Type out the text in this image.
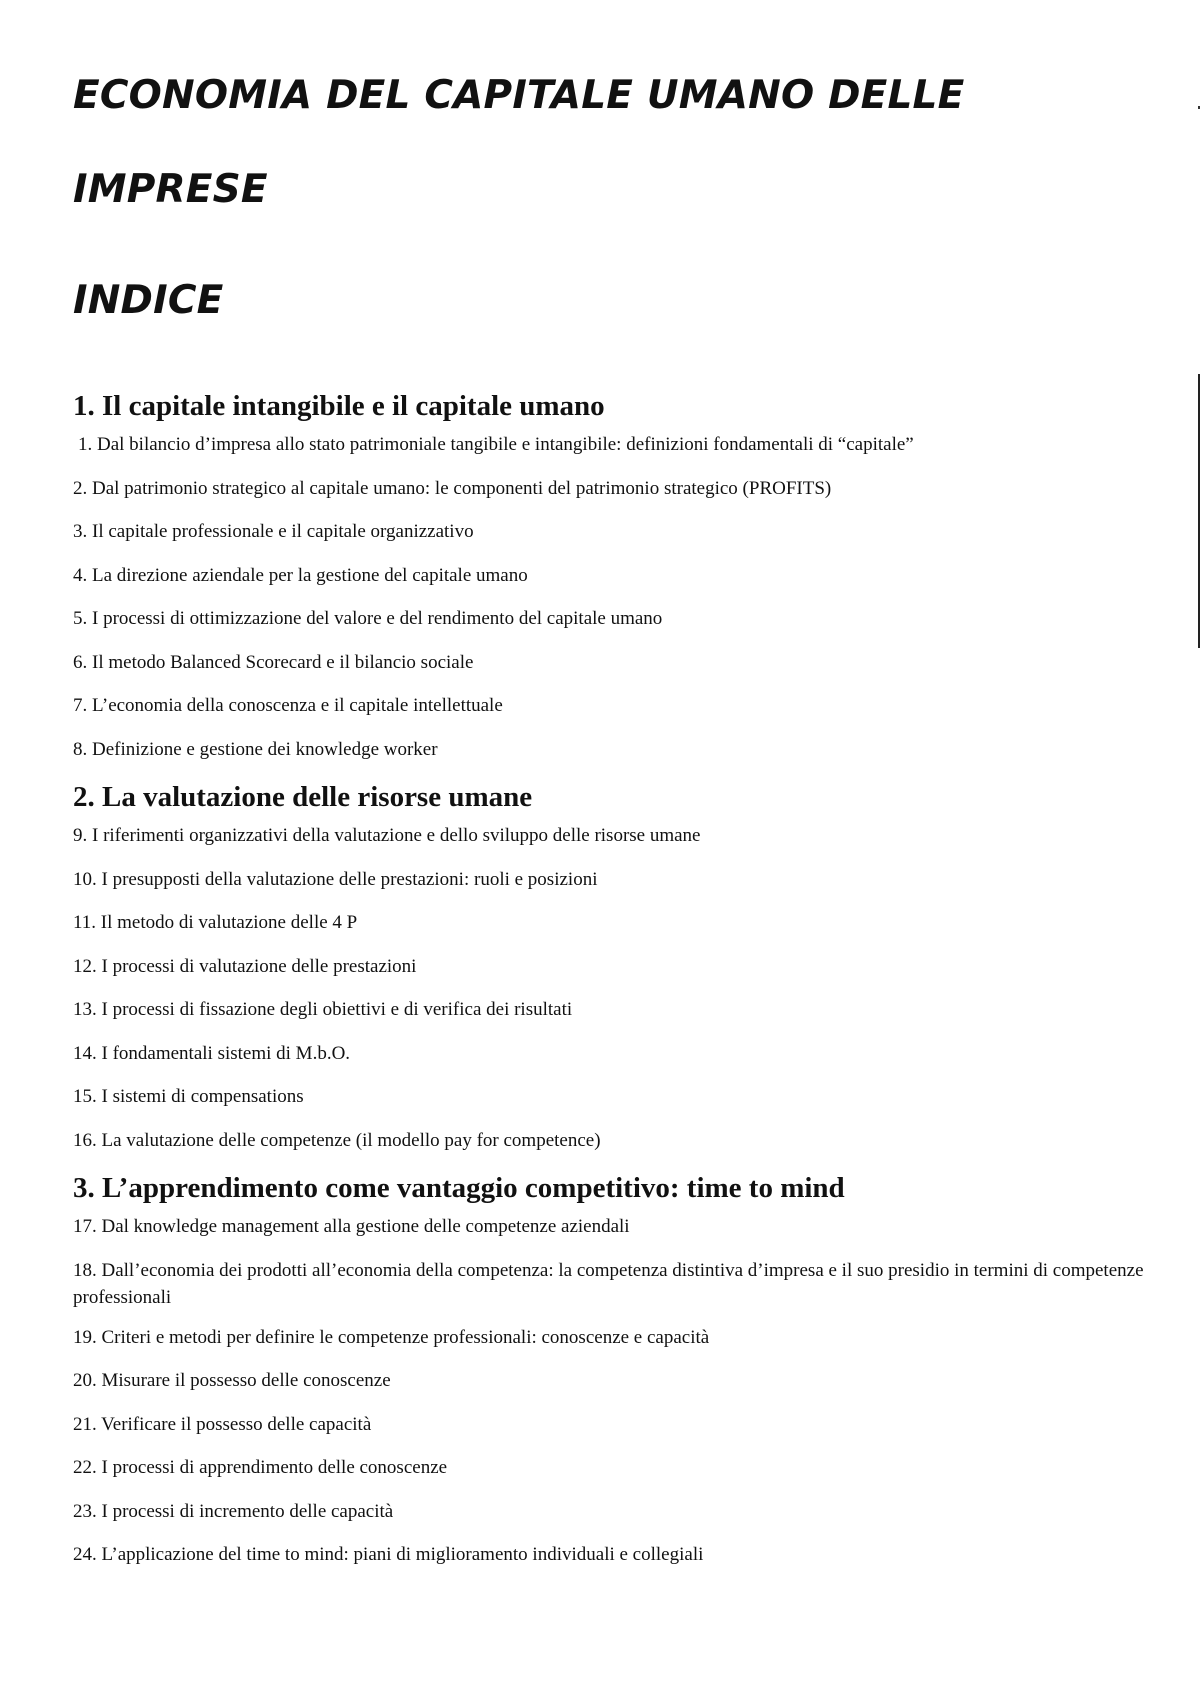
ECONOMIA DEL CAPITALE UMANO DELLE
IMPRESE
INDICE
1. Il capitale intangibile e il capitale umano

1. Dal bilancio d’impresa allo stato patrimoniale tangibile e intangibile: definizioni fondamentali di “capitale”

2. Dal patrimonio strategico al capitale umano: le componenti del patrimonio strategico (PROFITS)

3. Il capitale professionale e il capitale organizzativo

4. La direzione aziendale per la gestione del capitale umano

5. I processi di ottimizzazione del valore e del rendimento del capitale umano

6. Il metodo Balanced Scorecard e il bilancio sociale

7. L’economia della conoscenza e il capitale intellettuale

8. Definizione e gestione dei knowledge worker

2. La valutazione delle risorse umane

9. I riferimenti organizzativi della valutazione e dello sviluppo delle risorse umane

10. I presupposti della valutazione delle prestazioni: ruoli e posizioni

11. Il metodo di valutazione delle 4 P

12. I processi di valutazione delle prestazioni

13. I processi di fissazione degli obiettivi e di verifica dei risultati

14. I fondamentali sistemi di M.b.O.

15. I sistemi di compensations

16. La valutazione delle competenze (il modello pay for competence)

3. L’apprendimento come vantaggio competitivo: time to mind

17. Dal knowledge management alla gestione delle competenze aziendali

18. Dall’economia dei prodotti all’economia della competenza: la competenza distintiva d’impresa e il suo presidio in termini di competenze professionali

19. Criteri e metodi per definire le competenze professionali: conoscenze e capacità

20. Misurare il possesso delle conoscenze

21. Verificare il possesso delle capacità

22. I processi di apprendimento delle conoscenze

23. I processi di incremento delle capacità

24. L’applicazione del time to mind: piani di miglioramento individuali e collegiali
